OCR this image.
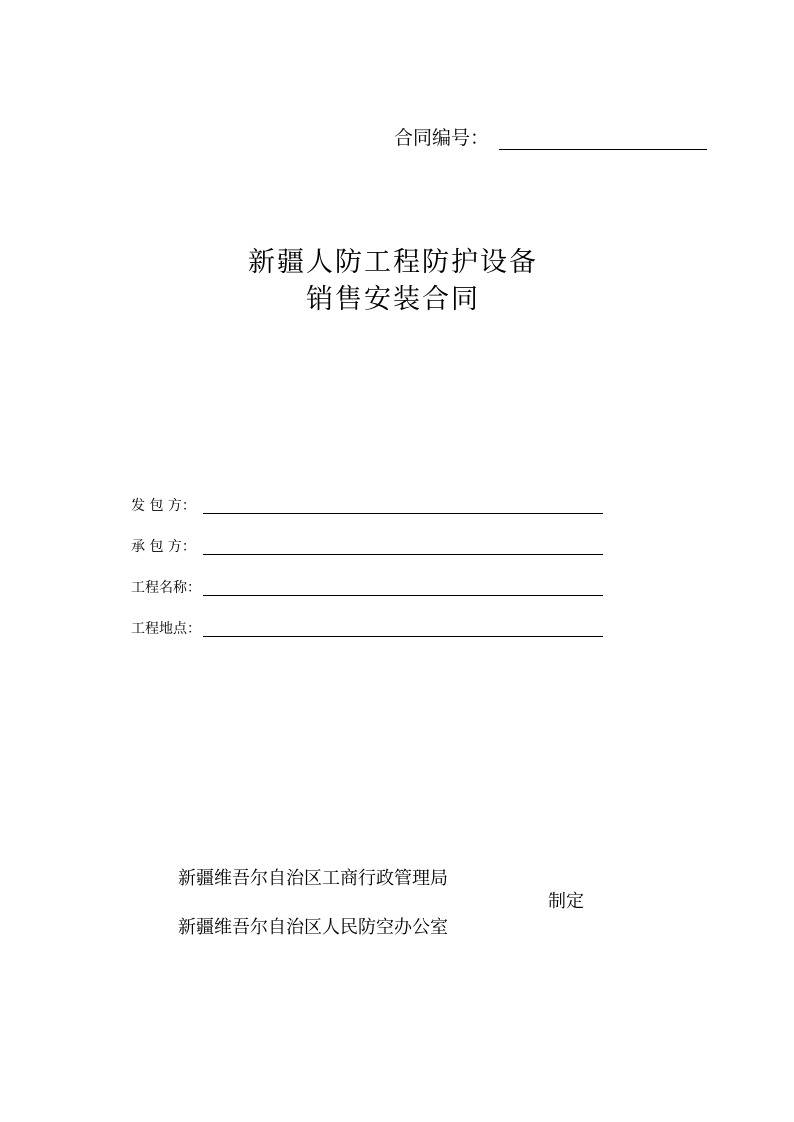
合同编号：
新疆人防工程防护设备
销售安装合同
发 包 方：
承 包 方：
工程名称：
工程地点：
新疆维吾尔自治区工商行政管理局
制定
新疆维吾尔自治区人民防空办公室
